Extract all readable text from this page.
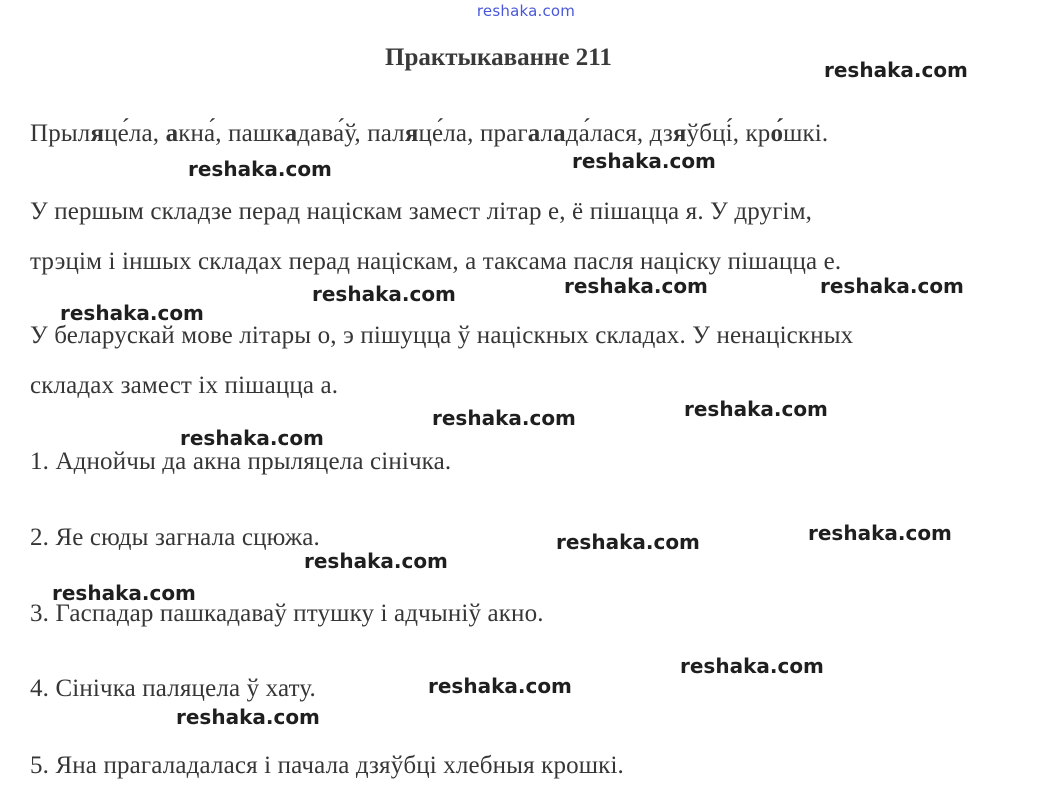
reshaka.com
Практыкаванне 211
Прыляце́ла, акна́, пашкадава́ў, паляце́ла, прагалада́лася, дзяўбці́, кро́шкі.
У першым складзе перад націскам замест літар е, ё пішацца я. У другім,
трэцім і іншых складах перад націскам, а таксама пасля націску пішацца е.
У беларускай мове літары о, э пішуцца ў націскных складах. У ненаціскных
складах замест іх пішацца а.
1. Аднойчы да акна прыляцела сінічка.
2. Яе сюды загнала сцюжа.
3. Гаспадар пашкадаваў птушку і адчыніў акно.
4. Сінічка паляцела ў хату.
5. Яна прагаладалася і пачала дзяўбці хлебныя крошкі.
reshaka.com
reshaka.com
reshaka.com
reshaka.com	reshaka.com	reshaka.com
reshaka.com
reshaka.com
reshaka.com
reshaka.com
reshaka.com
reshaka.com
reshaka.com
reshaka.com
reshaka.com
reshaka.com
reshaka.com
